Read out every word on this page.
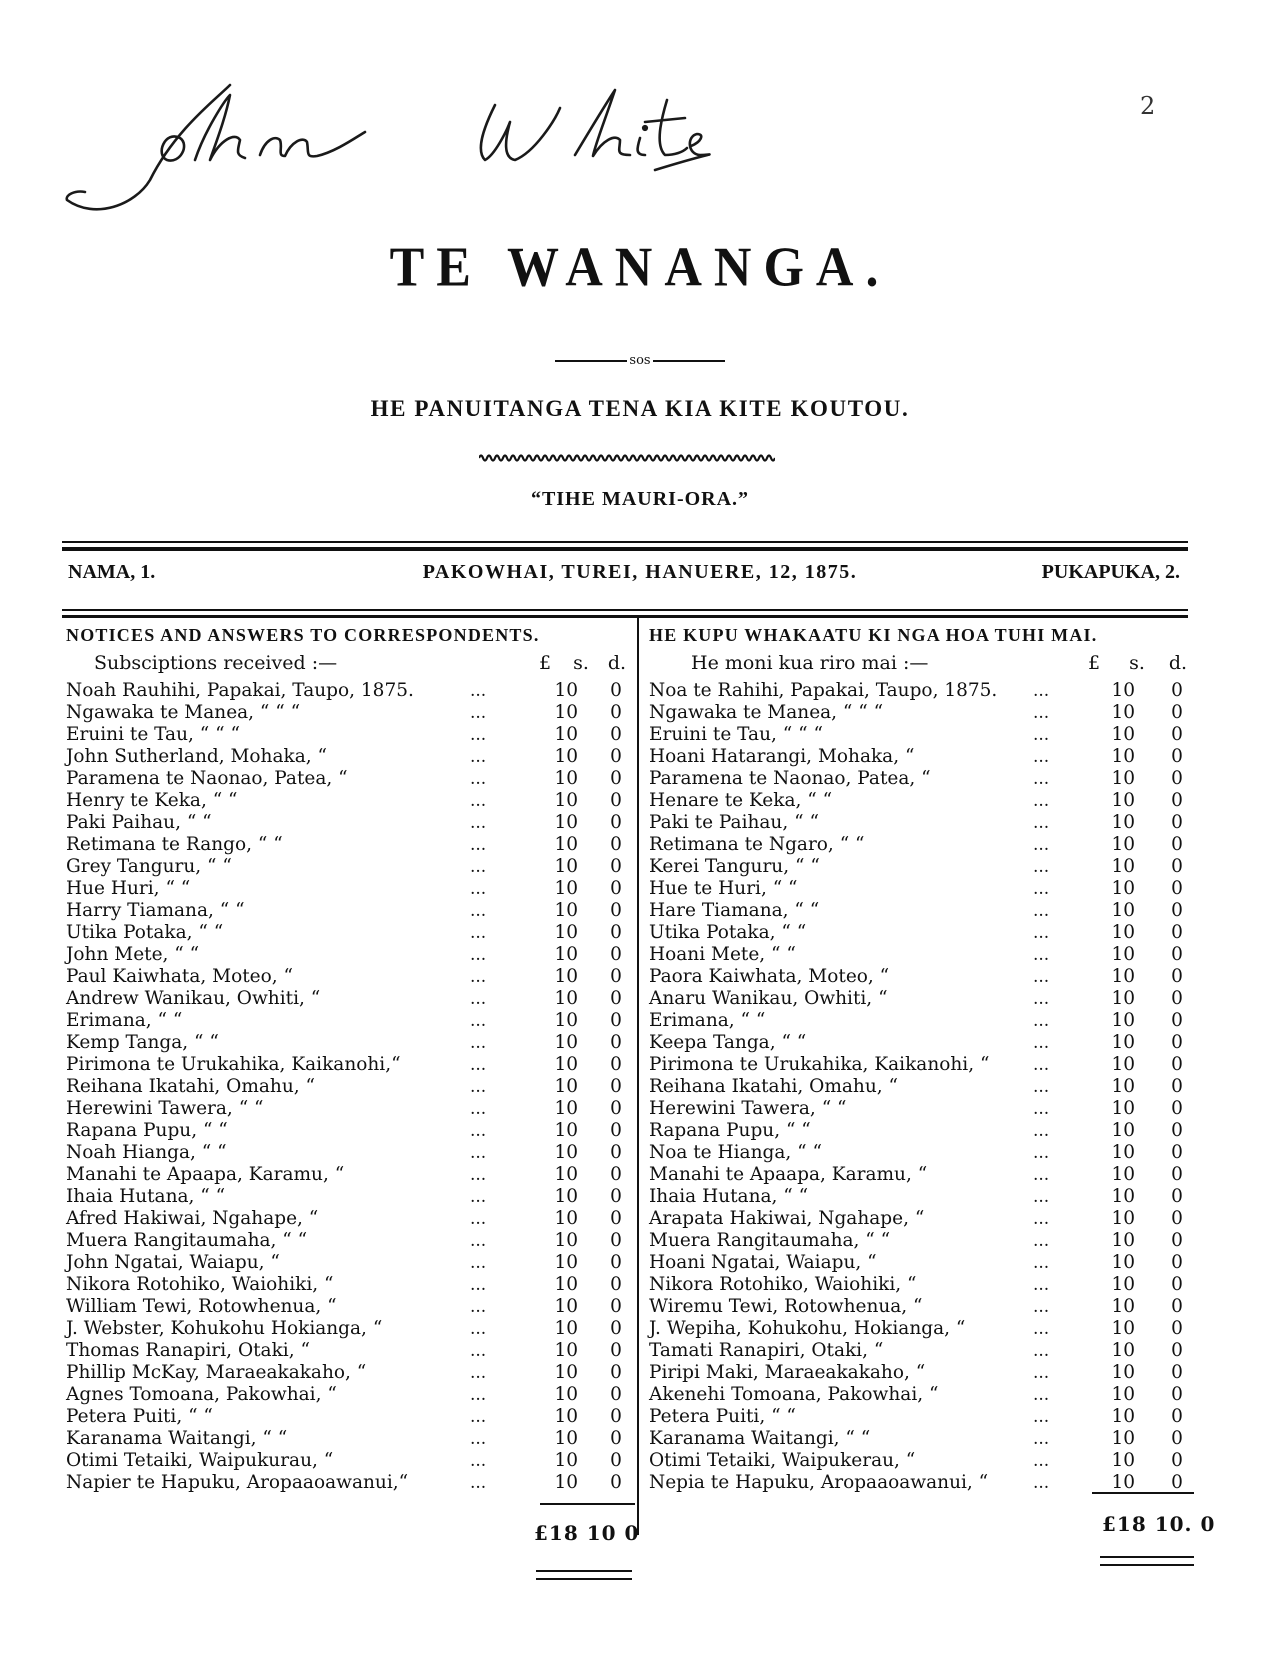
2
TE WANANGA.
sos
HE PANUITANGA TENA KIA KITE KOUTOU.
“TIHE MAURI-ORA.”
NAMA, 1.	PAKOWHAI, TUREI, HANUERE, 12, 1875.	PUKAPUKA, 2.
NOTICES AND ANSWERS TO CORRESPONDENTS.
Subsciptions received :—	£ s. d.
Noah Rauhihi, Papakai, Taupo, 1875.	...	10 0
Ngawaka te Manea, “ “ “	...	10 0
Eruini te Tau, “ “ “	...	10 0
John Sutherland, Mohaka, “	...	10 0
Paramena te Naonao, Patea, “	...	10 0
Henry te Keka, “ “	...	10 0
Paki Paihau, “ “	...	10 0
Retimana te Rango, “ “	...	10 0
Grey Tanguru, “ “	...	10 0
Hue Huri, “ “	...	10 0
Harry Tiamana, “ “	...	10 0
Utika Potaka, “ “	...	10 0
John Mete, “ “	...	10 0
Paul Kaiwhata, Moteo, “	...	10 0
Andrew Wanikau, Owhiti, “	...	10 0
Erimana, “ “	...	10 0
Kemp Tanga, “ “	...	10 0
Pirimona te Urukahika, Kaikanohi,“	...	10 0
Reihana Ikatahi, Omahu, “	...	10 0
Herewini Tawera, “ “	...	10 0
Rapana Pupu, “ “	...	10 0
Noah Hianga, “ “	...	10 0
Manahi te Apaapa, Karamu, “	...	10 0
Ihaia Hutana, “ “	...	10 0
Afred Hakiwai, Ngahape, “	...	10 0
Muera Rangitaumaha, “ “	...	10 0
John Ngatai, Waiapu, “	...	10 0
Nikora Rotohiko, Waiohiki, “	...	10 0
William Tewi, Rotowhenua, “	...	10 0
J. Webster, Kohukohu Hokianga, “	...	10 0
Thomas Ranapiri, Otaki, “	...	10 0
Phillip McKay, Maraeakakaho, “	...	10 0
Agnes Tomoana, Pakowhai, “	...	10 0
Petera Puiti, “ “	...	10 0
Karanama Waitangi, “ “	...	10 0
Otimi Tetaiki, Waipukurau, “	...	10 0
Napier te Hapuku, Aropaaoawanui,“	...	10 0
HE KUPU WHAKAATU KI NGA HOA TUHI MAI.
He moni kua riro mai :—	£ s. d.
Noa te Rahihi, Papakai, Taupo, 1875. ...	10 0
Ngawaka te Manea, “ “ “	...	10 0
Eruini te Tau, “ “ “	...	10 0
Hoani Hatarangi, Mohaka, “	...	10 0
Paramena te Naonao, Patea, “	...	10 0
Henare te Keka, “ “	...	10 0
Paki te Paihau, “ “	...	10 0
Retimana te Ngaro, “ “	...	10 0
Kerei Tanguru, “ “	...	10 0
Hue te Huri, “ “	...	10 0
Hare Tiamana, “ “	...	10 0
Utika Potaka, “ “	...	10 0
Hoani Mete, “ “	...	10 0
Paora Kaiwhata, Moteo, “	...	10 0
Anaru Wanikau, Owhiti, “	...	10 0
Erimana, “ “	...	10 0
Keepa Tanga, “ “	...	10 0
Pirimona te Urukahika, Kaikanohi, “	...	10 0
Reihana Ikatahi, Omahu, “	...	10 0
Herewini Tawera, “ “	...	10 0
Rapana Pupu, “ “	...	10 0
Noa te Hianga, “ “	...	10 0
Manahi te Apaapa, Karamu, “	...	10 0
Ihaia Hutana, “ “	...	10 0
Arapata Hakiwai, Ngahape, “	...	10 0
Muera Rangitaumaha, “ “	...	10 0
Hoani Ngatai, Waiapu, “	...	10 0
Nikora Rotohiko, Waiohiki, “	...	10 0
Wiremu Tewi, Rotowhenua, “	...	10 0
J. Wepiha, Kohukohu, Hokianga, “	...	10 0
Tamati Ranapiri, Otaki, “	...	10 0
Piripi Maki, Maraeakakaho, “	...	10 0
Akenehi Tomoana, Pakowhai, “	...	10 0
Petera Puiti, “ “	...	10 0
Karanama Waitangi, “ “	...	10 0
Otimi Tetaiki, Waipukerau, “	...	10 0
Nepia te Hapuku, Aropaaoawanui, “	...	10 0
£18 10 0	£18 10. 0
